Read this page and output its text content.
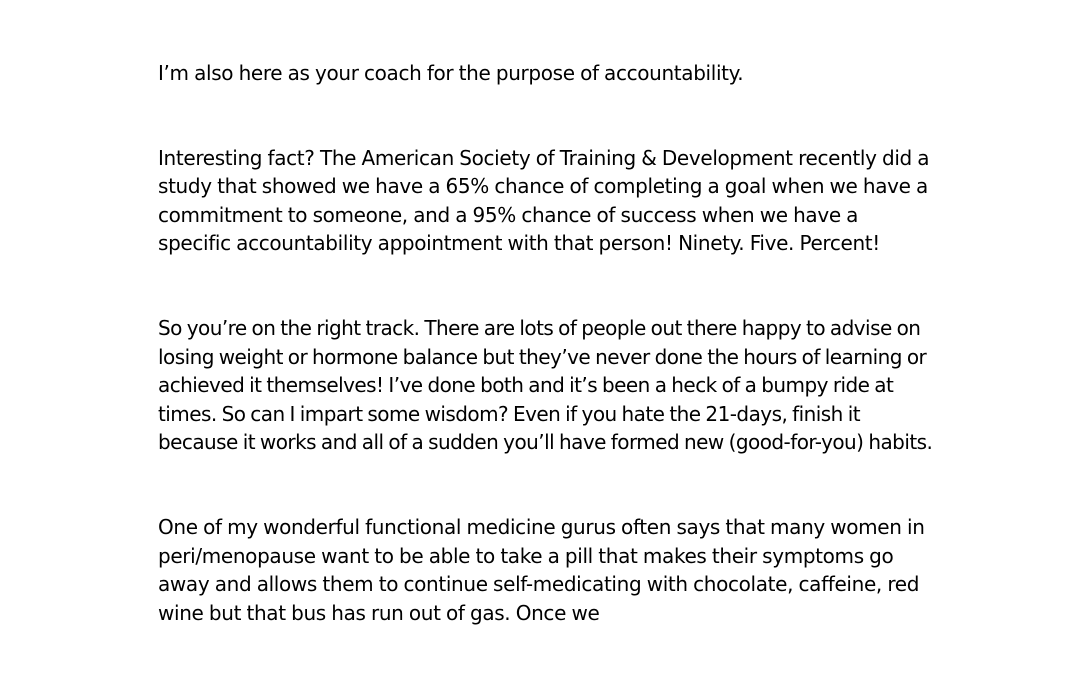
I’m also here as your coach for the purpose of accountability.

Interesting fact? The American Society of Training & Development recently did a study that showed we have a 65% chance of completing a goal when we have a commitment to someone, and a 95% chance of success when we have a specific accountability appointment with that person! Ninety. Five. Percent!

So you’re on the right track. There are lots of people out there happy to advise on losing weight or hormone balance but they’ve never done the hours of learning or achieved it themselves! I’ve done both and it’s been a heck of a bumpy ride at times. So can I impart some wisdom? Even if you hate the 21-days, finish it because it works and all of a sudden you’ll have formed new (good-for-you) habits.

One of my wonderful functional medicine gurus often says that many women in peri/menopause want to be able to take a pill that makes their symptoms go away and allows them to continue self-medicating with chocolate, caffeine, red wine but that bus has run out of gas. Once we
